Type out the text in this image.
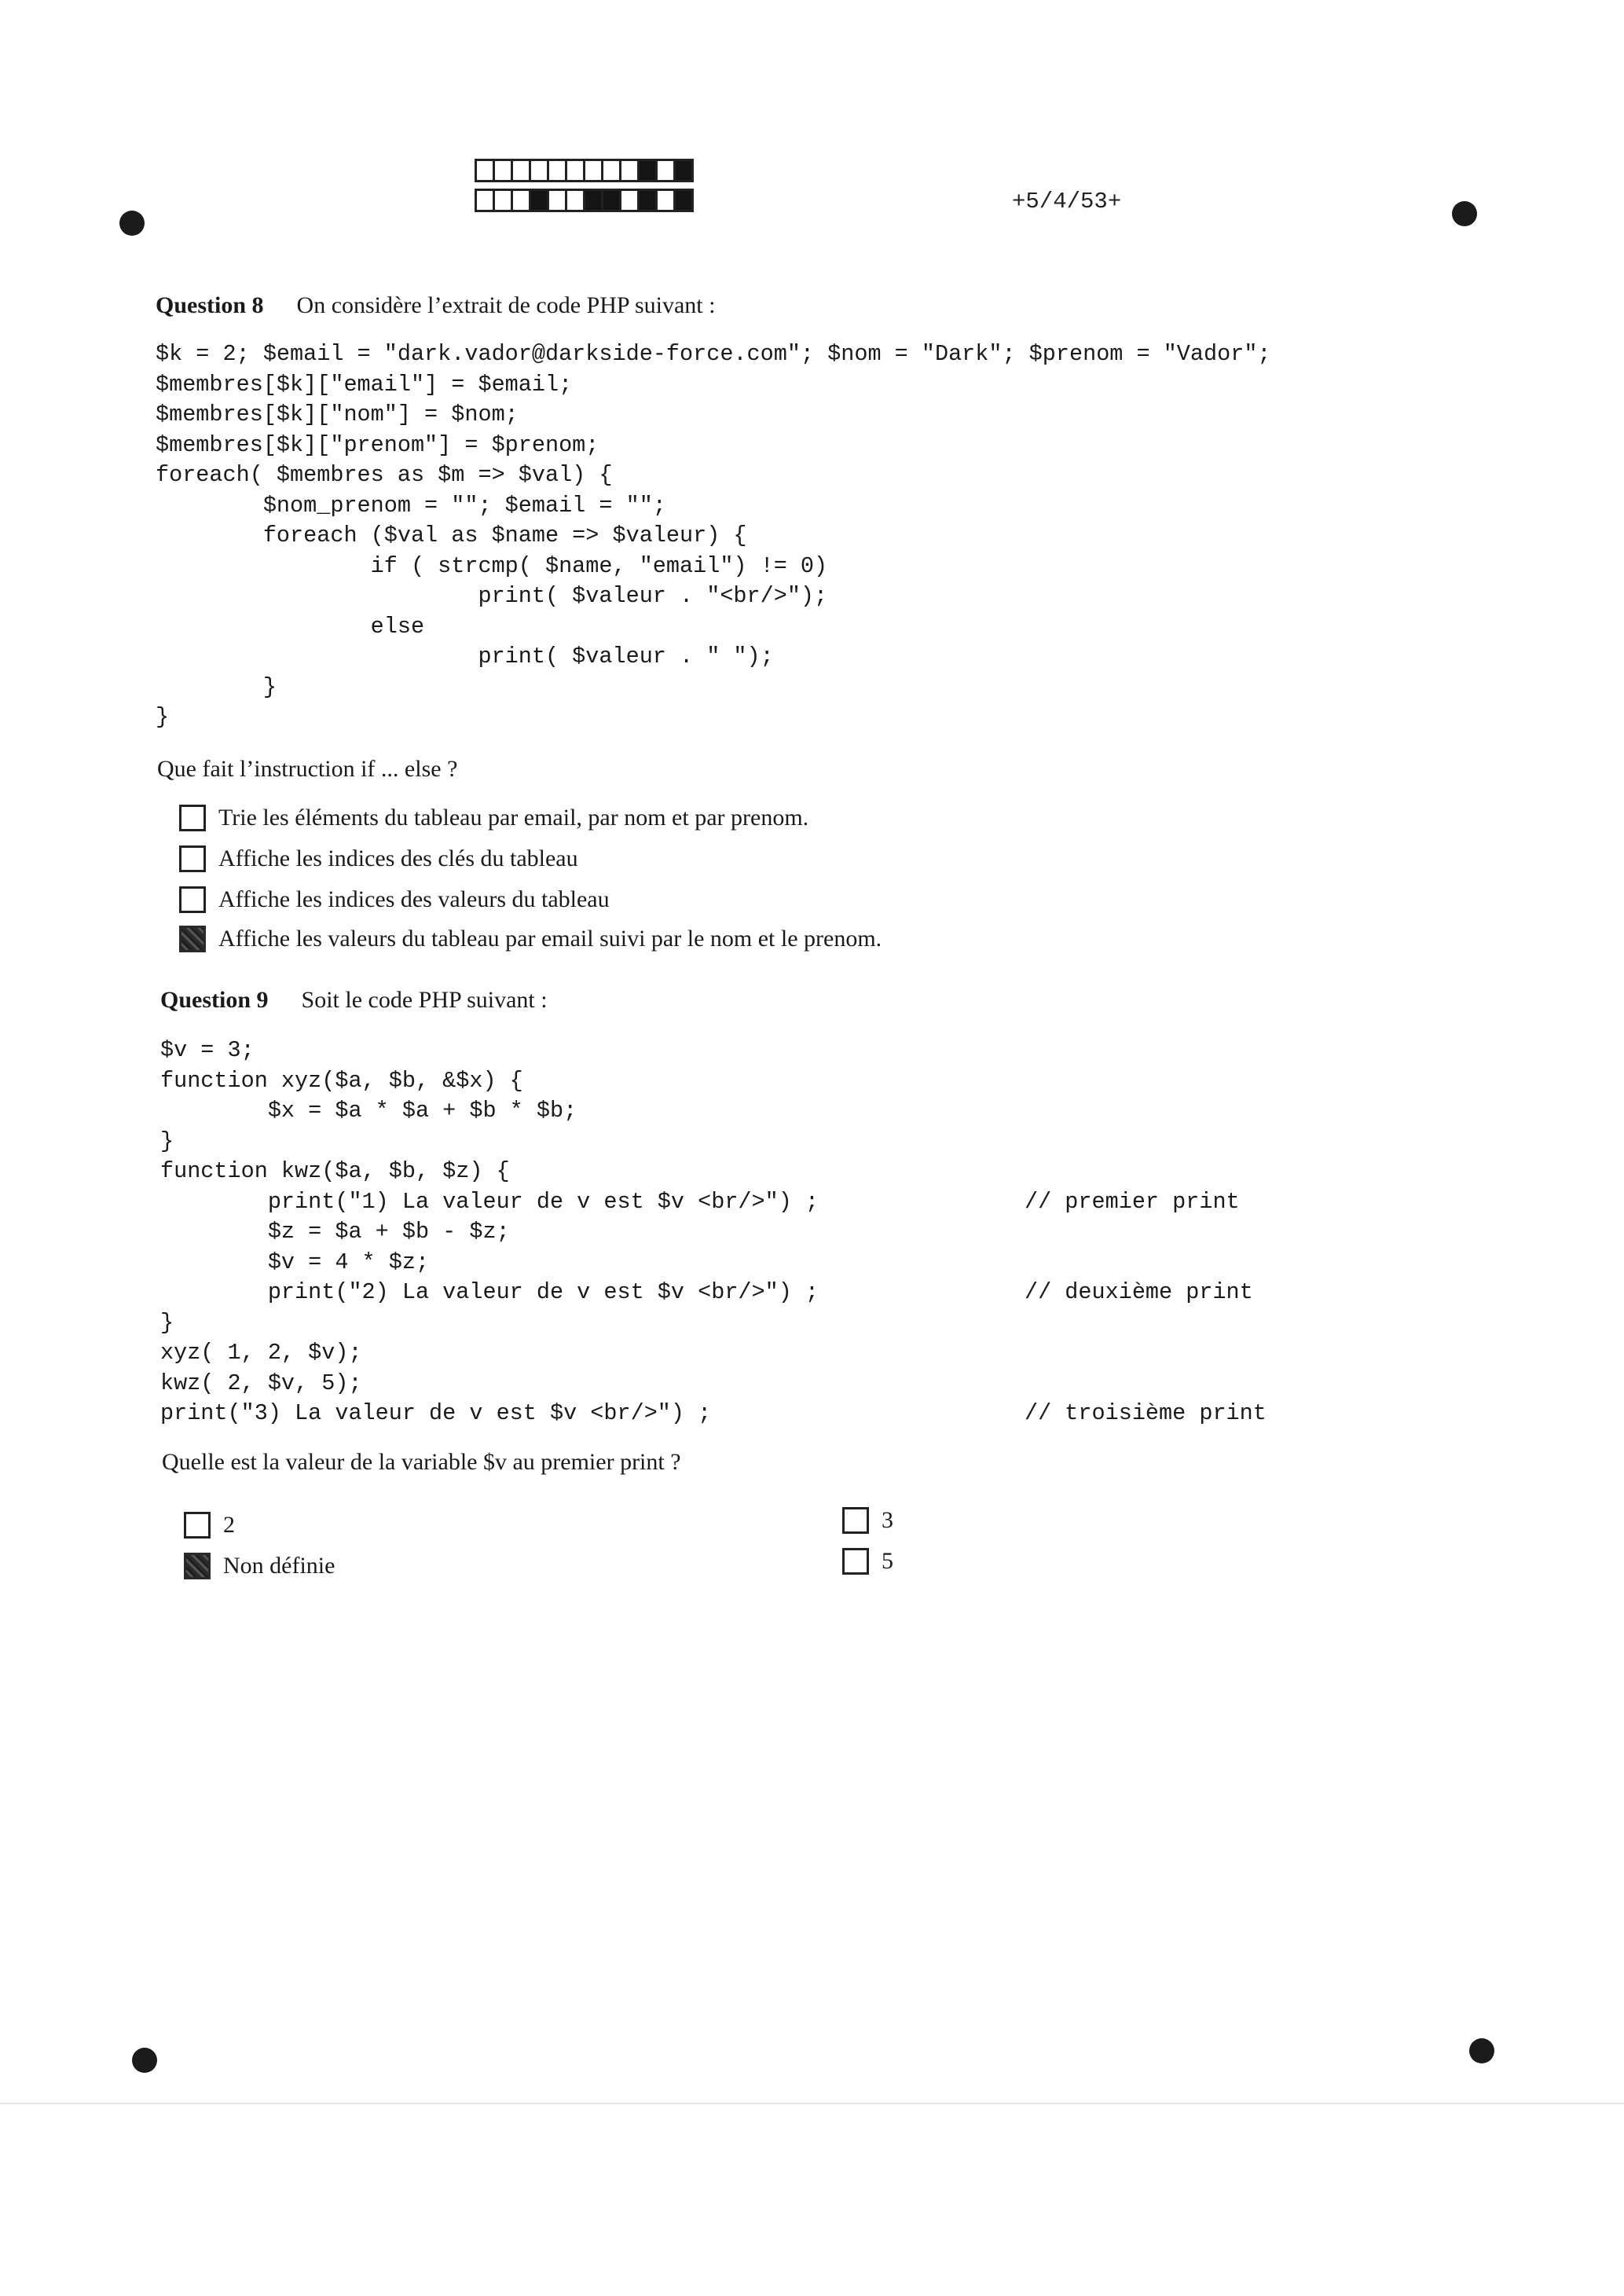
+5/4/53+
Question 8 On considère l’extrait de code PHP suivant :
$k = 2; $email = "dark.vador@darkside-force.com"; $nom = "Dark"; $prenom = "Vador";
$membres[$k]["email"] = $email;
$membres[$k]["nom"] = $nom;
$membres[$k]["prenom"] = $prenom;
foreach( $membres as $m => $val) {
$nom_prenom = ""; $email = "";
foreach ($val as $name => $valeur) {
if ( strcmp( $name, "email") != 0)
print( $valeur . "<br/>");
else
print( $valeur . " ");
}
}
Que fait l’instruction if ... else ?
Trie les éléments du tableau par email, par nom et par prenom.
Affiche les indices des clés du tableau
Affiche les indices des valeurs du tableau
Affiche les valeurs du tableau par email suivi par le nom et le prenom.
Question 9 Soit le code PHP suivant :
$v = 3;
function xyz($a, $b, &$x) {
$x = $a * $a + $b * $b;
}
function kwz($a, $b, $z) {
print("1) La valeur de v est $v <br/>") ;	// premier print
$z = $a + $b - $z;
$v = 4 * $z;
print("2) La valeur de v est $v <br/>") ;	// deuxième print
}
xyz( 1, 2, $v);
kwz( 2, $v, 5);
print("3) La valeur de v est $v <br/>") ;	// troisième print
Quelle est la valeur de la variable $v au premier print ?
2	3
Non définie	5
